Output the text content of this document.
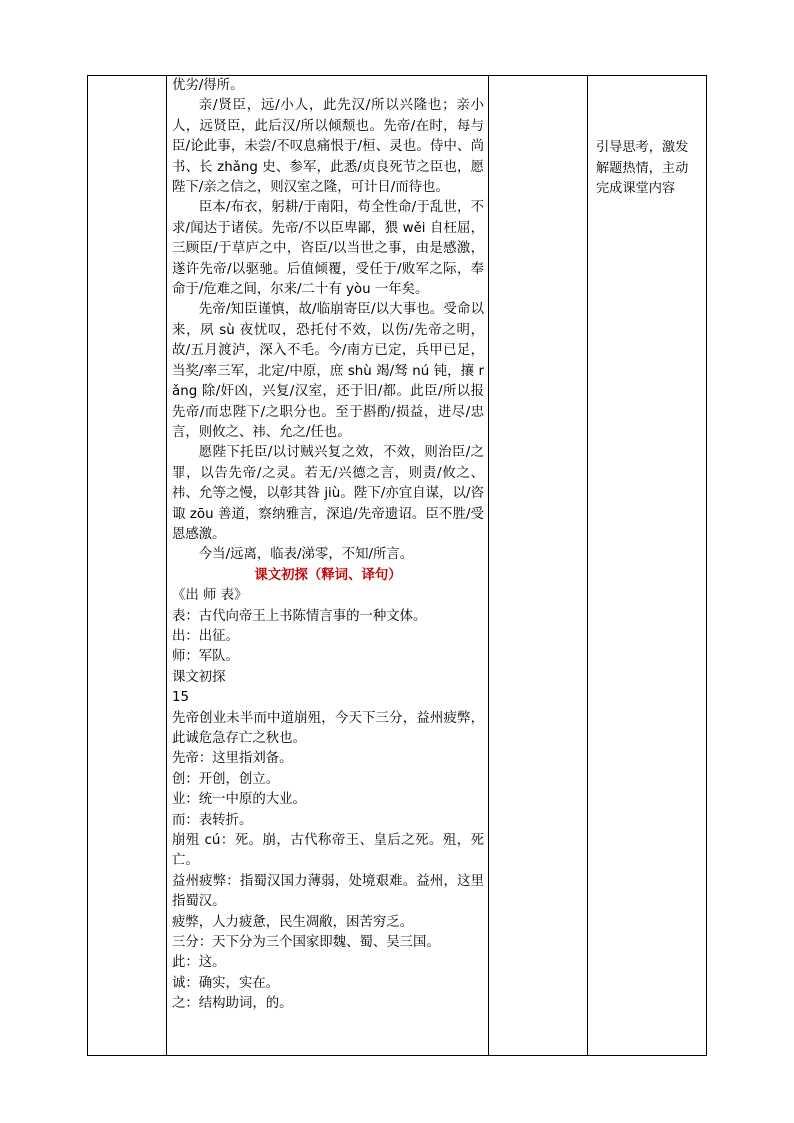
优劣/得所。

亲/贤臣，远/小人，此先汉/所以兴隆也；亲小人，远贤臣，此后汉/所以倾颓也。先帝/在时，每与臣/论此事，未尝/不叹息痛恨于/桓、灵也。侍中、尚书、长 zhǎng 史、参军，此悉/贞良死节之臣也，愿陛下/亲之信之，则汉室之隆，可计日/而待也。

臣本/布衣，躬耕/于南阳，苟全性命/于乱世，不求/闻达于诸侯。先帝/不以臣卑鄙，猥 wěi 自枉屈，三顾臣/于草庐之中，咨臣/以当世之事，由是感激，遂许先帝/以驱驰。后值倾覆，受任于/败军之际，奉命于/危难之间，尔来/二十有 yòu 一年矣。

先帝/知臣谨慎，故/临崩寄臣/以大事也。受命以来，夙 sù 夜忧叹，恐托付不效，以伤/先帝之明，故/五月渡泸，深入不毛。今/南方已定，兵甲已足，当奖/率三军，北定/中原，庶 shù 竭/驽 nú 钝，攘 rǎng 除/奸凶，兴复/汉室，还于旧/都。此臣/所以报先帝/而忠陛下/之职分也。至于斟酌/损益，进尽/忠言，则攸之、祎、允之/任也。

愿陛下托臣/以讨贼兴复之效，不效，则治臣/之罪，以告先帝/之灵。若无/兴德之言，则责/攸之、祎、允等之慢，以彰其咎 jiù。陛下/亦宜自谋，以/咨诹 zōu 善道，察纳雅言，深追/先帝遗诏。臣不胜/受恩感激。

今当/远离，临表/涕零，不知/所言。

课文初探（释词、译句）

《出 师 表》

表：古代向帝王上书陈情言事的一种文体。

出：出征。

师：军队。

课文初探

15

先帝创业未半而中道崩殂，今天下三分，益州疲弊，此诚危急存亡之秋也。

先帝：这里指刘备。

创：开创，创立。

业：统一中原的大业。

而：表转折。

崩殂 cú：死。崩，古代称帝王、皇后之死。殂，死亡。

益州疲弊：指蜀汉国力薄弱，处境艰难。益州，这里指蜀汉。

疲弊，人力疲惫，民生凋敝，困苦穷乏。

三分：天下分为三个国家即魏、蜀、吴三国。

此：这。

诚：确实，实在。

之：结构助词，的。

引导思考，激发解题热情，主动完成课堂内容
